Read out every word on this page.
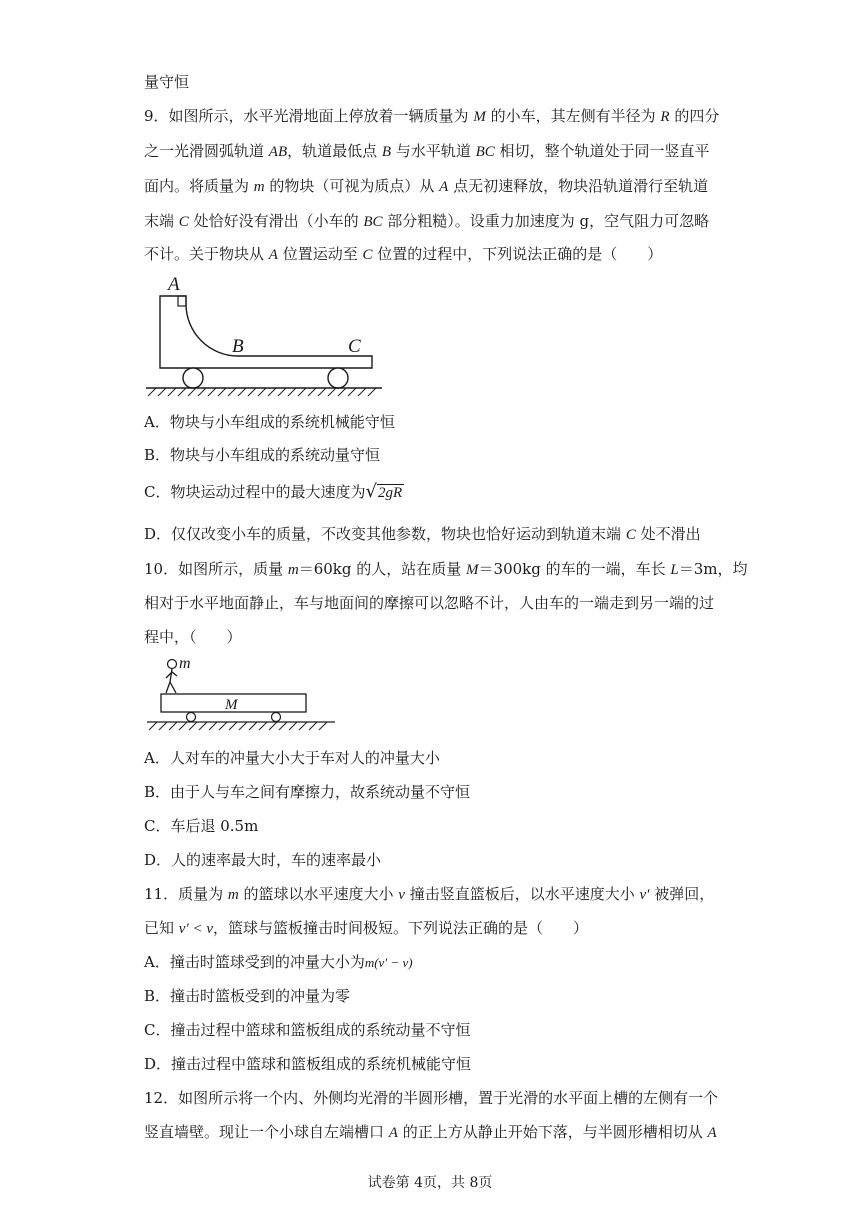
量守恒
9．如图所示，水平光滑地面上停放着一辆质量为 M 的小车，其左侧有半径为 R 的四分
之一光滑圆弧轨道 AB，轨道最低点 B 与水平轨道 BC 相切，整个轨道处于同一竖直平
面内。将质量为 m 的物块（可视为质点）从 A 点无初速释放，物块沿轨道滑行至轨道
末端 C 处恰好没有滑出（小车的 BC 部分粗糙）。设重力加速度为 g，空气阻力可忽略
不计。关于物块从 A 位置运动至 C 位置的过程中，下列说法正确的是（　　）
A
B	C
A．物块与小车组成的系统机械能守恒
B．物块与小车组成的系统动量守恒
C．物块运动过程中的最大速度为√2gR
D．仅仅改变小车的质量，不改变其他参数，物块也恰好运动到轨道末端 C 处不滑出
10．如图所示，质量 m＝60kg 的人，站在质量 M＝300kg 的车的一端，车长 L＝3m，均
相对于水平地面静止，车与地面间的摩擦可以忽略不计，人由车的一端走到另一端的过
程中，（　　）
m
M
A．人对车的冲量大小大于车对人的冲量大小
B．由于人与车之间有摩擦力，故系统动量不守恒
C．车后退 0.5m
D．人的速率最大时，车的速率最小
11．质量为 m 的篮球以水平速度大小 v 撞击竖直篮板后，以水平速度大小 v′ 被弹回，
已知 v′ < v，篮球与篮板撞击时间极短。下列说法正确的是（　　）
A．撞击时篮球受到的冲量大小为m(v′ − v)
B．撞击时篮板受到的冲量为零
C．撞击过程中篮球和篮板组成的系统动量不守恒
D．撞击过程中篮球和篮板组成的系统机械能守恒
12．如图所示将一个内、外侧均光滑的半圆形槽，置于光滑的水平面上槽的左侧有一个
竖直墙壁。现让一个小球自左端槽口 A 的正上方从静止开始下落，与半圆形槽相切从 A
试卷第 4页，共 8页
